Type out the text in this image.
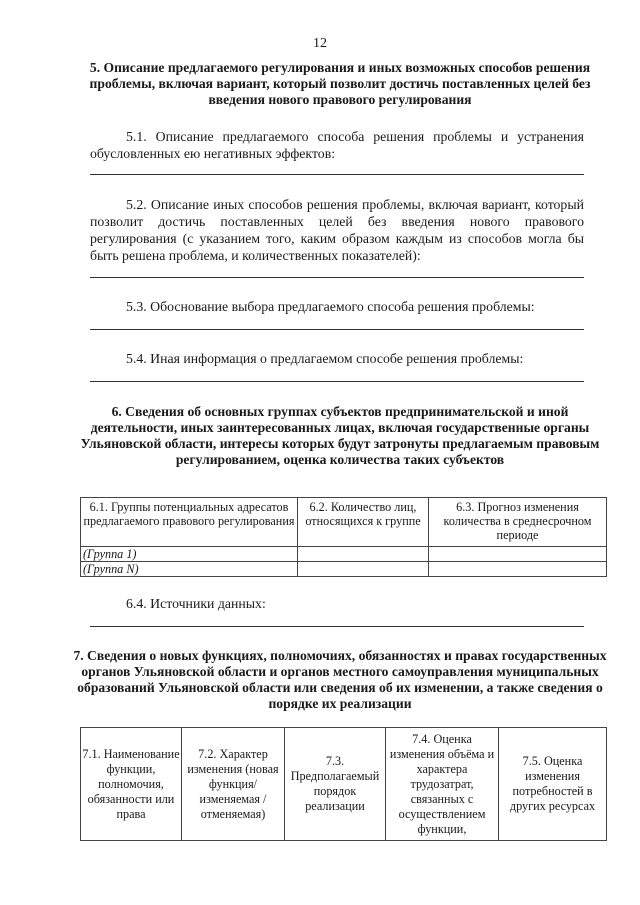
12
5. Описание предлагаемого регулирования и иных возможных способов решения проблемы, включая вариант, который позволит достичь поставленных целей без введения нового правового регулирования
5.1. Описание предлагаемого способа решения проблемы и устранения обусловленных ею негативных эффектов:
5.2. Описание иных способов решения проблемы, включая вариант, который позволит достичь поставленных целей без введения нового правового регулирования (с указанием того, каким образом каждым из способов могла бы быть решена проблема, и количественных показателей):
5.3. Обоснование выбора предлагаемого способа решения проблемы:
5.4. Иная информация о предлагаемом способе решения проблемы:
6. Сведения об основных группах субъектов предпринимательской и иной деятельности, иных заинтересованных лицах, включая государственные органы Ульяновской области, интересы которых будут затронуты предлагаемым правовым регулированием, оценка количества таких субъектов
6.1. Группы потенциальных адресатов предлагаемого правового регулирования	6.2. Количество лиц, относящихся к группе	6.3. Прогноз изменения количества в среднесрочном периоде
(Группа 1)		
(Группа N)		
6.4. Источники данных:
7. Сведения о новых функциях, полномочиях, обязанностях и правах государственных органов Ульяновской области и органов местного самоуправления муниципальных образований Ульяновской области или сведения об их изменении, а также сведения о порядке их реализации
7.1. Наименование функции, полномочия, обязанности или права	7.2. Характер изменения (новая функция/ изменяемая / отменяемая)	7.3. Предполагаемый порядок реализации	7.4. Оценка изменения объёма и характера трудозатрат, связанных с осуществлением функции,	7.5. Оценка изменения потребностей в других ресурсах
